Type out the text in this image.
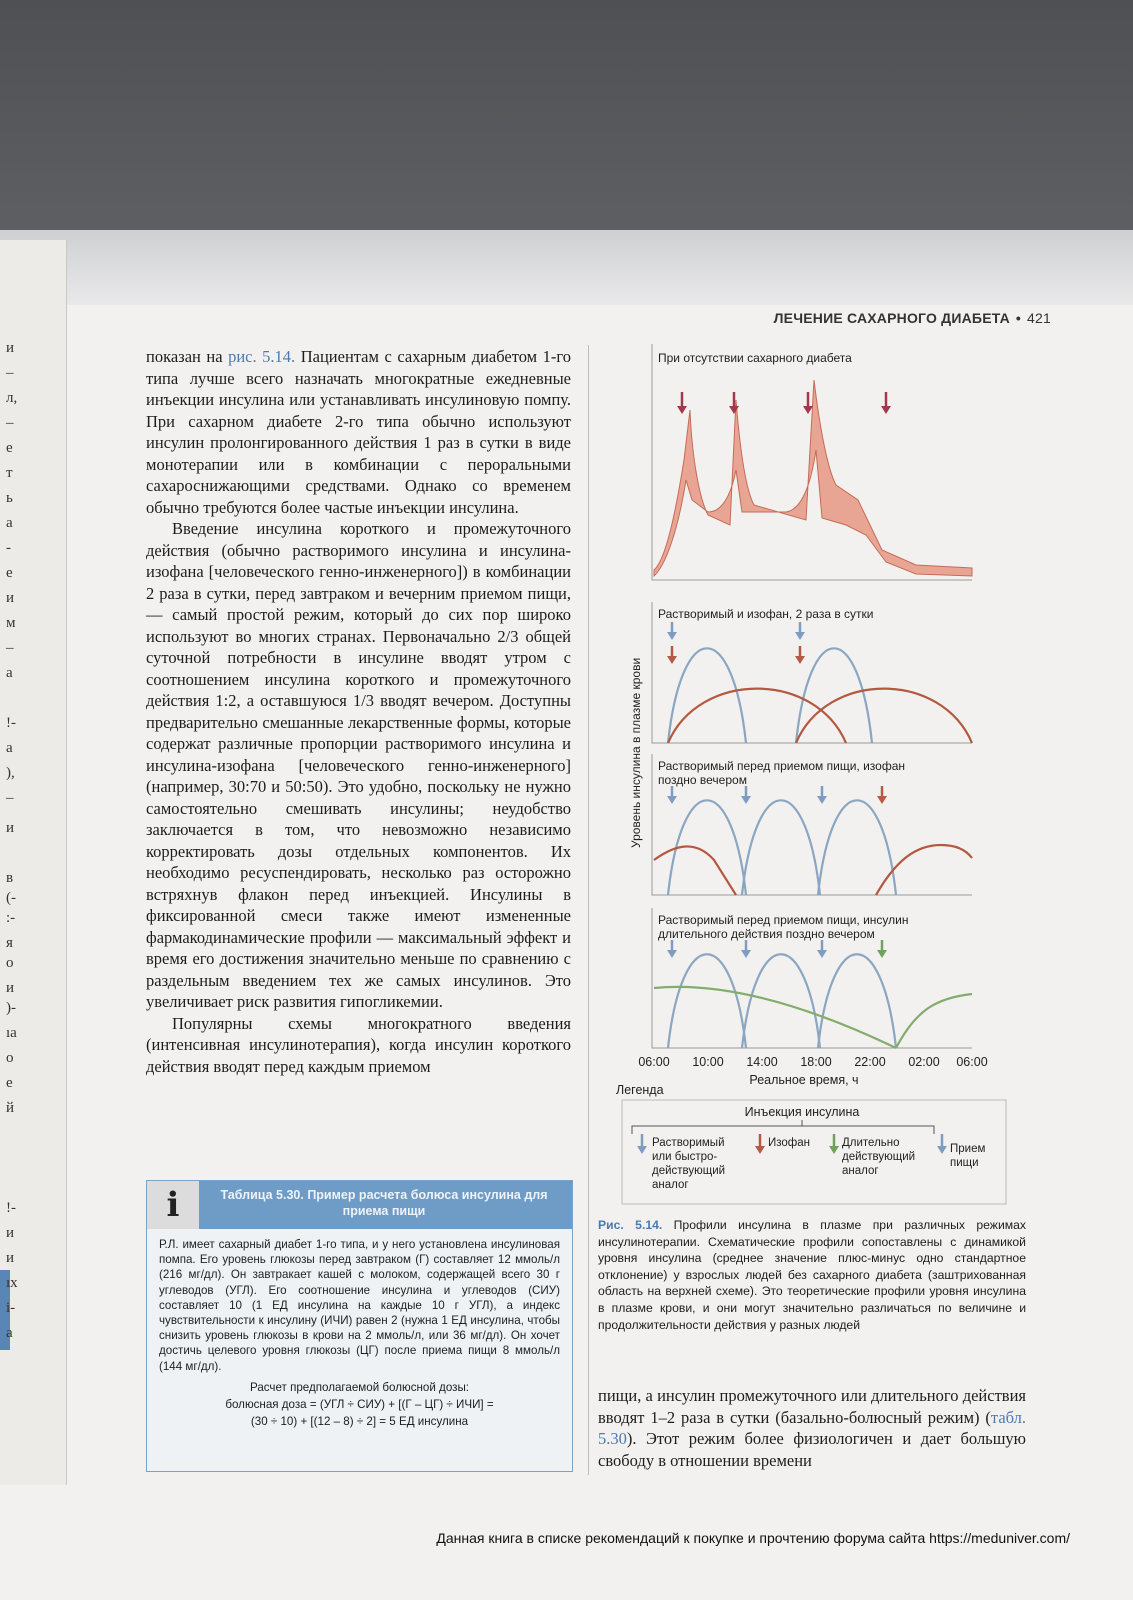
и
–
л,
–
е
т
ь
а
-
е
и
м
–
а
!-
а
),
–
и
в
(-
:-
я
о
и
)-
ıа
о
е
й
!-
и
и
ıx
і-
а
ЛЕЧЕНИЕ САХАРНОГО ДИАБЕТА • 421

показан на рис. 5.14. Пациентам с сахарным диабетом 1-го типа лучше всего назначать многократные ежедневные инъекции инсулина или устанавливать инсулиновую помпу. При сахарном диабете 2-го типа обычно используют инсулин пролонгированного действия 1 раз в сутки в виде монотерапии или в комбинации с пероральными сахароснижающими средствами. Однако со временем обычно требуются более частые инъекции инсулина.

Введение инсулина короткого и промежуточного действия (обычно растворимого инсулина и инсулина-изофана [человеческого генно-инженерного]) в комбинации 2 раза в сутки, перед завтраком и вечерним приемом пищи, — самый простой режим, который до сих пор широко используют во многих странах. Первоначально 2/3 общей суточной потребности в инсулине вводят утром с соотношением инсулина короткого и промежуточного действия 1:2, а оставшуюся 1/3 вводят вечером. Доступны предварительно смешанные лекарственные формы, которые содержат различные пропорции растворимого инсулина и инсулина-изофана [человеческого генно-инженерного] (например, 30:70 и 50:50). Это удобно, поскольку не нужно самостоятельно смешивать инсулины; неудобство заключается в том, что невозможно независимо корректировать дозы отдельных компонентов. Их необходимо ресуспендировать, несколько раз осторожно встряхнув флакон перед инъекцией. Инсулины в фиксированной смеси также имеют измененные фармакодинамические профили — максимальный эффект и время его достижения значительно меньше по сравнению с раздельным введением тех же самых инсулинов. Это увеличивает риск развития гипогликемии.

Популярны схемы многократного введения (интенсивная инсулинотерапия), когда инсулин короткого действия вводят перед каждым приемом

i	Таблица 5.30. Пример расчета болюса инсулина для приема пищи
Р.Л. имеет сахарный диабет 1-го типа, и у него установлена инсулиновая помпа. Его уровень глюкозы перед завтраком (Г) составляет 12 ммоль/л (216 мг/дл). Он завтракает кашей с молоком, содержащей всего 30 г углеводов (УГЛ). Его соотношение инсулина и углеводов (СИУ) составляет 10 (1 ЕД инсулина на каждые 10 г УГЛ), а индекс чувствительности к инсулину (ИЧИ) равен 2 (нужна 1 ЕД инсулина, чтобы снизить уровень глюкозы в крови на 2 ммоль/л, или 36 мг/дл). Он хочет достичь целевого уровня глюкозы (ЦГ) после приема пищи 8 ммоль/л (144 мг/дл).
Расчет предполагаемой болюсной дозы:
болюсная доза = (УГЛ ÷ СИУ) + [(Г – ЦГ) ÷ ИЧИ] =
(30 ÷ 10) + [(12 – 8) ÷ 2] = 5 ЕД инсулина
При отсутствии сахарного диабета
Растворимый и изофан, 2 раза в сутки
Растворимый перед приемом пищи, изофан
поздно вечером
Растворимый перед приемом пищи, инсулин
длительного действия поздно вечером
Уровень инсулина в плазме крови
06:00 10:00 14:00 18:00 22:00 02:00 06:00
Реальное время, ч
Легенда
Инъекция инсулина
Растворимый
или быстро-
действующий
аналог
Изофан	Длительно
действующий
аналог
Прием
пищи
Рис. 5.14. Профили инсулина в плазме при различных режимах инсулинотерапии. Схематические профили сопоставлены с динамикой уровня инсулина (среднее значение плюс-минус одно стандартное отклонение) у взрослых людей без сахарного диабета (заштрихованная область на верхней схеме). Это теоретические профили уровня инсулина в плазме крови, и они могут значительно различаться по величине и продолжительности действия у разных людей
пищи, а инсулин промежуточного или длительного действия вводят 1–2 раза в сутки (базально-болюсный режим) (табл. 5.30). Этот режим более физиологичен и дает большую свободу в отношении времени
Данная книга в списке рекомендаций к покупке и прочтению форума сайта https://meduniver.com/
